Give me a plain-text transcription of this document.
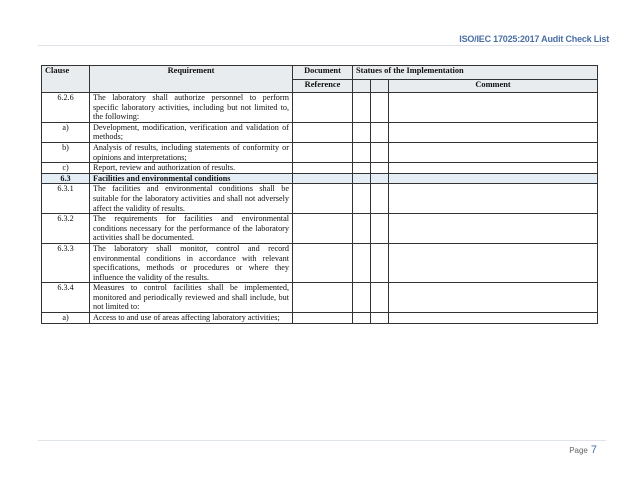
ISO/IEC 17025:2017 Audit Check List
Clause	Requirement	Document	Statues of the Implementation		
		Reference			Comment
6.2.6	The laboratory shall authorize personnel to perform specific laboratory activities, including but not limited to, the following:				
a)	Development, modification, verification and validation of methods;				
b)	Analysis of results, including statements of conformity or opinions and interpretations;				
c)	Report, review and authorization of results.				
6.3	Facilities and environmental conditions				
6.3.1	The facilities and environmental conditions shall be suitable for the laboratory activities and shall not adversely affect the validity of results.				
6.3.2	The requirements for facilities and environmental conditions necessary for the performance of the laboratory activities shall be documented.				
6.3.3	The laboratory shall monitor, control and record environmental conditions in accordance with relevant specifications, methods or procedures or where they influence the validity of the results.				
6.3.4	Measures to control facilities shall be implemented, monitored and periodically reviewed and shall include, but not limited to:				
a)	Access to and use of areas affecting laboratory activities;				
Page 7
